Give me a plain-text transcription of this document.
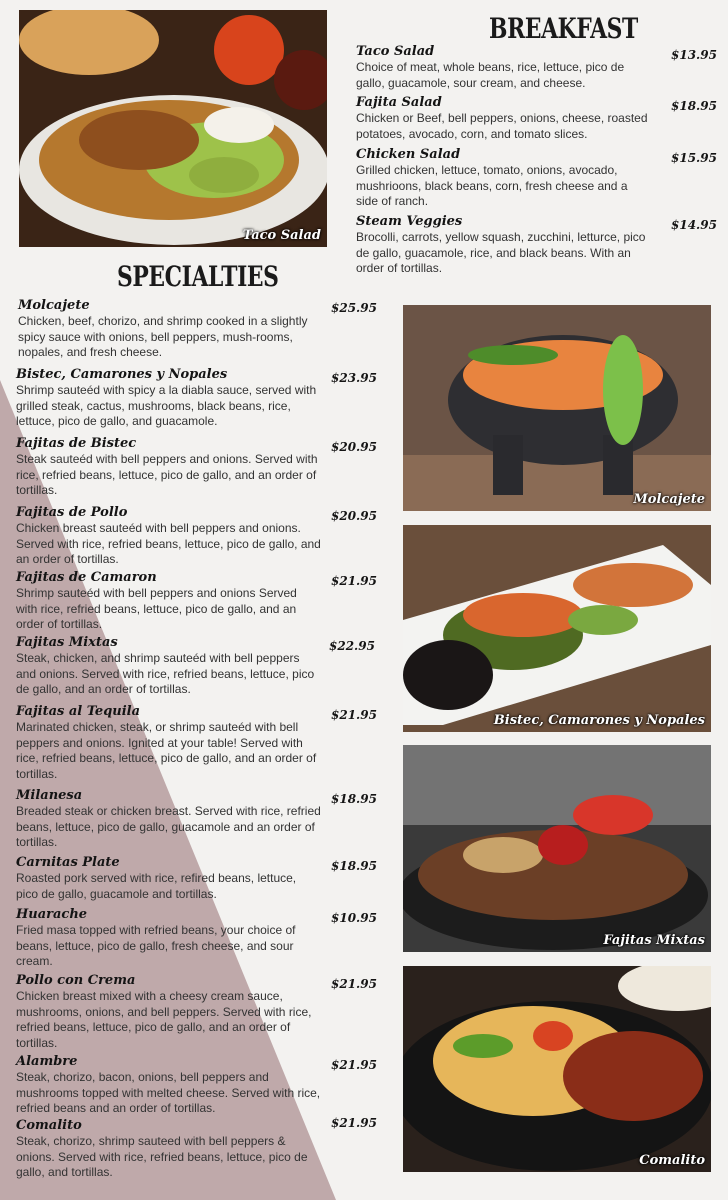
Taco Salad
Molcajete
Bistec, Camarones y Nopales
Fajitas Mixtas
Comalito
BREAKFAST
SPECIALTIES
Taco Salad
Choice of meat, whole beans, rice, lettuce, pico de gallo, guacamole, sour cream, and cheese.
$13.95
Fajita Salad
Chicken or Beef, bell peppers, onions, cheese, roasted potatoes, avocado, corn, and tomato slices.
$18.95
Chicken Salad
Grilled chicken, lettuce, tomato, onions, avocado, mushrioons, black beans, corn, fresh cheese and a side of ranch.
$15.95
Steam Veggies
Brocolli, carrots, yellow squash, zucchini, letturce, pico de gallo, guacamole, rice, and black beans. With an order of tortillas.
$14.95
Molcajete
Chicken, beef, chorizo, and shrimp cooked in a slightly spicy sauce with onions, bell peppers, mush-rooms, nopales, and fresh cheese.
$25.95
Bistec, Camarones y Nopales
Shrimp sauteéd with spicy a la diabla sauce, served with grilled steak, cactus, mushrooms, black beans, rice, lettuce, pico de gallo, and guacamole.
$23.95
Fajitas de Bistec
Steak sauteéd with bell peppers and onions. Served with rice, refried beans, lettuce, pico de gallo, and an order of tortillas.
$20.95
Fajitas de Pollo
Chicken breast sauteéd with bell peppers and onions. Served with rice, refried beans, lettuce, pico de gallo, and an order of tortillas.
$20.95
Fajitas de Camaron
Shrimp sauteéd with bell peppers and onions Served with rice, refried beans, lettuce, pico de gallo, and an order of tortillas.
$21.95
Fajitas Mixtas
Steak, chicken, and shrimp sauteéd with bell peppers and onions. Served with rice, refried beans, lettuce, pico de gallo, and an order of tortillas.
$22.95
Fajitas al Tequila
Marinated chicken, steak, or shrimp sauteéd with bell peppers and onions. Ignited at your table! Served with rice, refried beans, lettuce, pico de gallo, and an order of tortillas.
$21.95
Milanesa
Breaded steak or chicken breast. Served with rice, refried beans, lettuce, pico de gallo, guacamole and an order of tortillas.
$18.95
Carnitas Plate
Roasted pork served with rice, refired beans, lettuce, pico de gallo, guacamole and tortillas.
$18.95
Huarache
Fried masa topped with refried beans, your choice of beans, lettuce, pico de gallo, fresh cheese, and sour cream.
$10.95
Pollo con Crema
Chicken breast mixed with a cheesy cream sauce, mushrooms, onions, and bell peppers. Served with rice, refried beans, lettuce, pico de gallo, and an order of tortillas.
$21.95
Alambre
Steak, chorizo, bacon, onions, bell peppers and mushrooms topped with melted cheese. Served with rice, refried beans and an order of tortillas.
$21.95
Comalito
Steak, chorizo, shrimp sauteed with bell peppers & onions. Served with rice, refried beans, lettuce, pico de gallo, and tortillas.
$21.95
